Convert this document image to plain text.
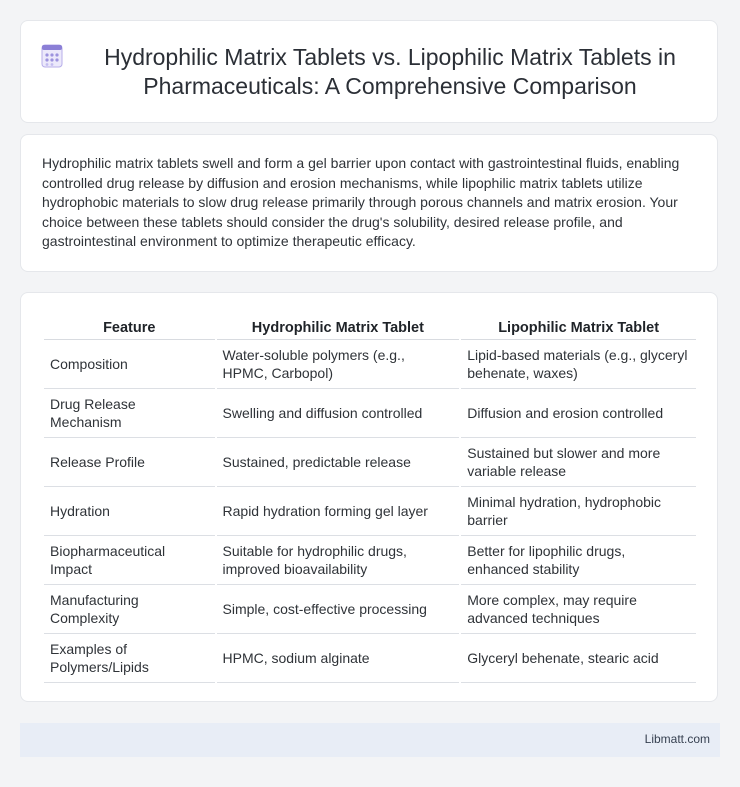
Hydrophilic Matrix Tablets vs. Lipophilic Matrix Tablets in Pharmaceuticals: A Comprehensive Comparison

Hydrophilic matrix tablets swell and form a gel barrier upon contact with gastrointestinal fluids, enabling controlled drug release by diffusion and erosion mechanisms, while lipophilic matrix tablets utilize hydrophobic materials to slow drug release primarily through porous channels and matrix erosion. Your choice between these tablets should consider the drug's solubility, desired release profile, and gastrointestinal environment to optimize therapeutic efficacy.

Feature	Hydrophilic Matrix Tablet	Lipophilic Matrix Tablet
Composition	Water-soluble polymers (e.g., HPMC, Carbopol)	Lipid-based materials (e.g., glyceryl behenate, waxes)
Drug Release Mechanism	Swelling and diffusion controlled	Diffusion and erosion controlled
Release Profile	Sustained, predictable release	Sustained but slower and more variable release
Hydration	Rapid hydration forming gel layer	Minimal hydration, hydrophobic barrier
Biopharmaceutical Impact	Suitable for hydrophilic drugs, improved bioavailability	Better for lipophilic drugs, enhanced stability
Manufacturing Complexity	Simple, cost-effective processing	More complex, may require advanced techniques
Examples of Polymers/Lipids	HPMC, sodium alginate	Glyceryl behenate, stearic acid
Libmatt.com
